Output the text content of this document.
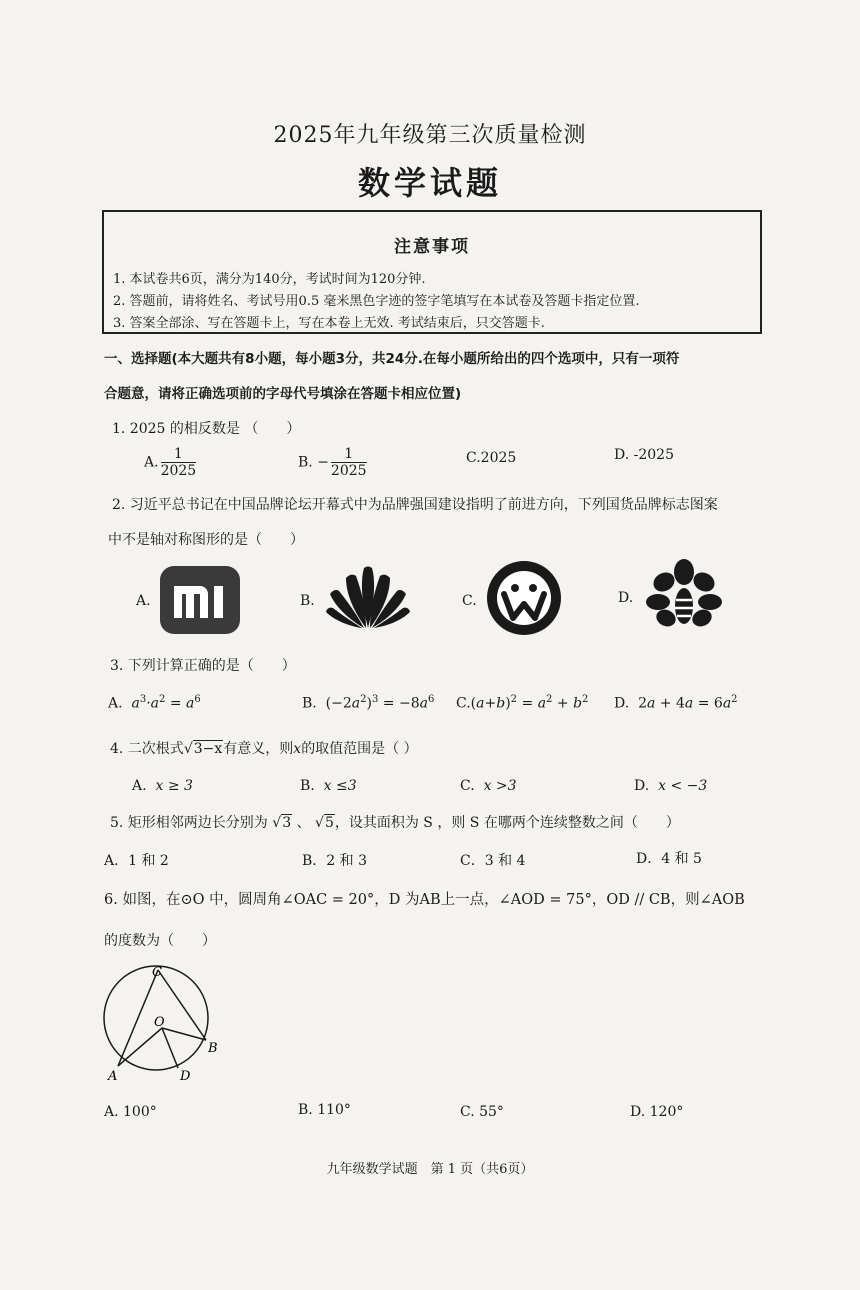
2025年九年级第三次质量检测
数学试题
注意事项
1. 本试卷共6页，满分为140分，考试时间为120分钟.
2. 答题前，请将姓名、考试号用0.5 毫米黑色字迹的签字笔填写在本试卷及答题卡指定位置.
3. 答案全部涂、写在答题卡上，写在本卷上无效. 考试结束后，只交答题卡.
一、选择题(本大题共有8小题，每小题3分，共24分.在每小题所给出的四个选项中，只有一项符
合题意，请将正确选项前的字母代号填涂在答题卡相应位置)
1. 2025 的相反数是 （　　）
A. $\frac{1}{2025}$	B. − $\frac{1}{2025}$	C.2025	D. -2025
2. 习近平总书记在中国品牌论坛开幕式中为品牌强国建设指明了前进方向，下列国货品牌标志图案
中不是轴对称图形的是（　　）
A.	B.	C.	D.
3. 下列计算正确的是（　　）
A. $a^3\cdot a^2 = a^6$	B.  $(-2a^2)^3 = -8a^6$ $C.(a+b)^2 = a^2 + b^2$ D.  $2a + 4a = 6a^2$
4. 二次根式√3−x有意义，则x的取值范围是（ ）
A. x ≥ 3	B. x ≤3	C. x >3	D. x < −3
5. 矩形相邻两边长分别为 √3 、 √5，设其面积为 S ，则 S 在哪两个连续整数之间（　　）
A．1 和 2	B．2 和 3	C．3 和 4	D．4 和 5
6. 如图，在⊙O 中，圆周角∠OAC = 20°，D 为AB上一点，∠AOD = 75°，OD // CB，则∠AOB
的度数为（　　）
C
O
B
A	D
A. 100°	B. 110°	C. 55°	D. 120°
九年级数学试题　第 1 页（共6页）
